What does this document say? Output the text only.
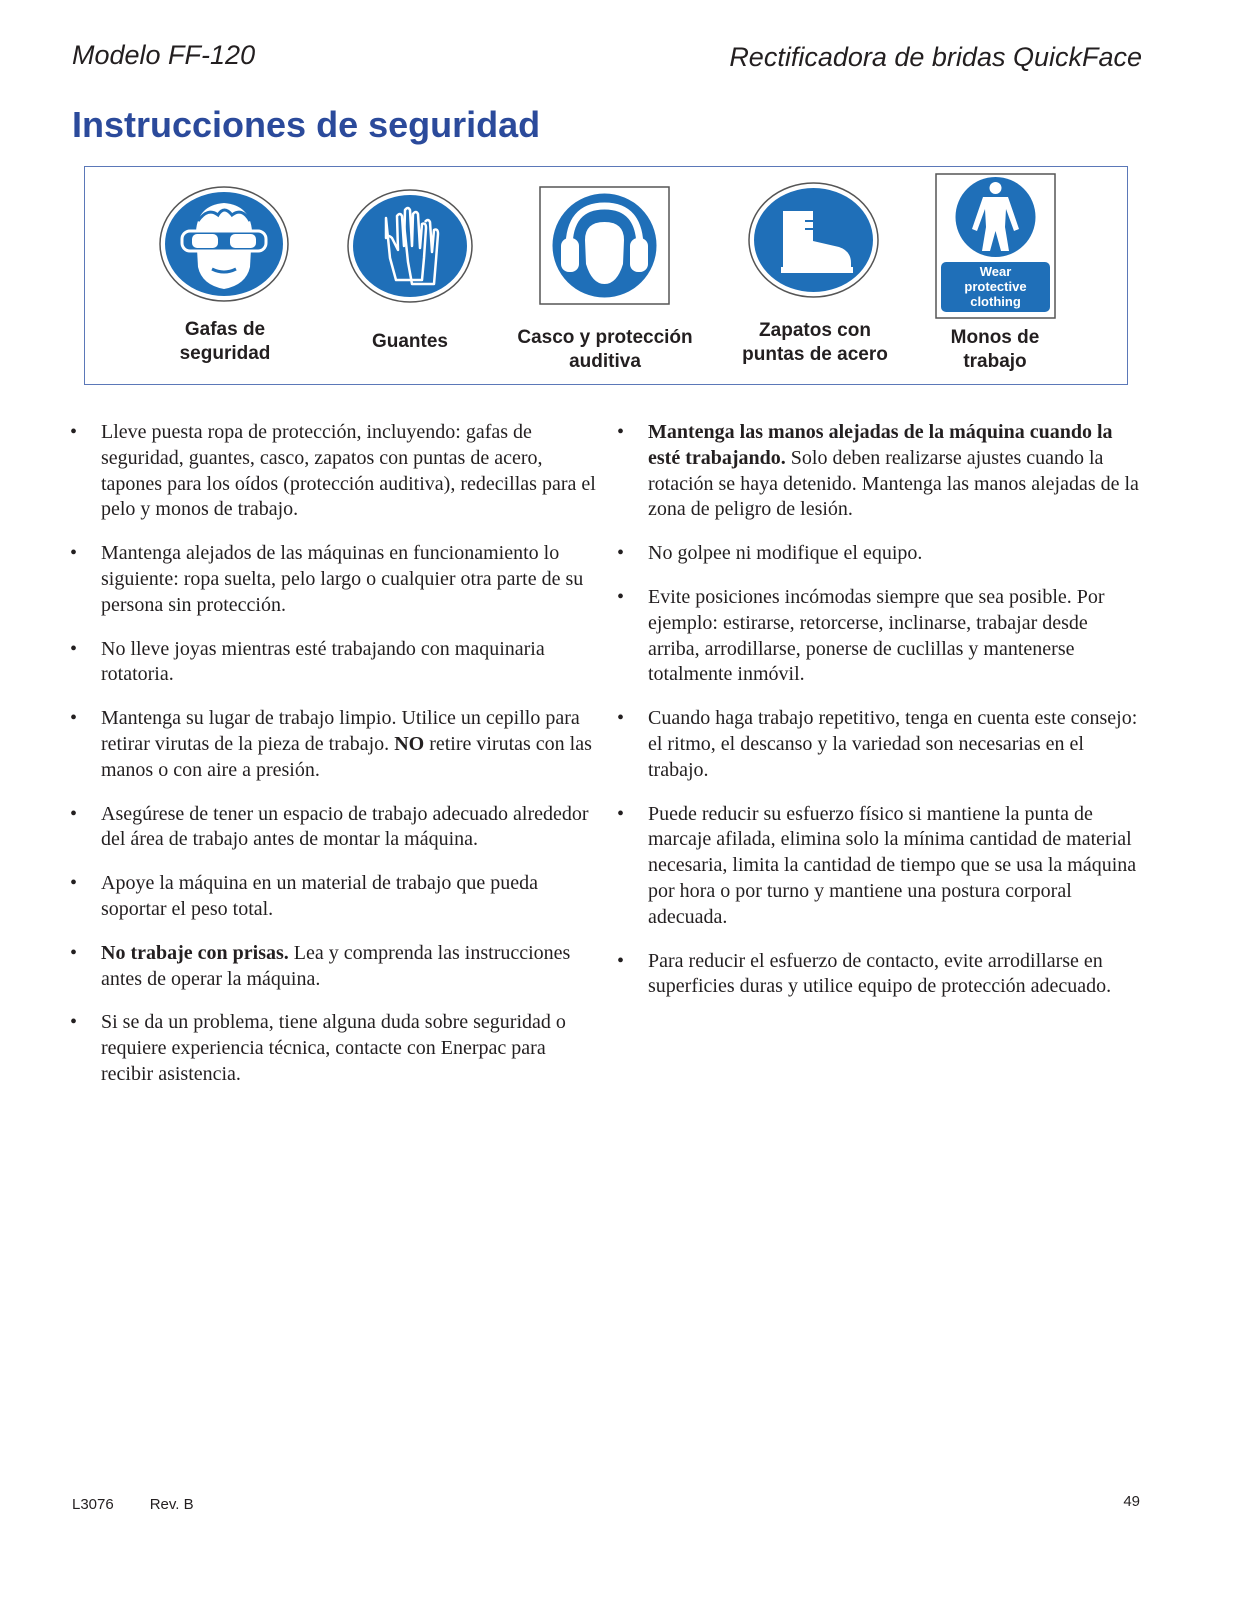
Modelo FF-120	Rectificadora de bridas QuickFace
Instrucciones de seguridad
Gafas de
seguridad
Guantes	Casco y protección
auditiva
Zapatos con
puntas de acero
Wear
protective
clothing
Monos de
trabajo
• Lleve puesta ropa de protección, incluyendo: gafas de seguridad, guantes, casco, zapatos con puntas de acero, tapones para los oídos (protección auditiva), redecillas para el pelo y monos de trabajo.
• Mantenga alejados de las máquinas en funcionamiento lo siguiente: ropa suelta, pelo largo o cualquier otra parte de su persona sin protección.
• No lleve joyas mientras esté trabajando con maquinaria rotatoria.
• Mantenga su lugar de trabajo limpio. Utilice un cepillo para retirar virutas de la pieza de trabajo. NO retire virutas con las manos o con aire a presión.
• Asegúrese de tener un espacio de trabajo adecuado alrededor del área de trabajo antes de montar la máquina.
• Apoye la máquina en un material de trabajo que pueda soportar el peso total.
• No trabaje con prisas. Lea y comprenda las instrucciones antes de operar la máquina.
• Si se da un problema, tiene alguna duda sobre seguridad o requiere experiencia técnica, contacte con Enerpac para recibir asistencia.
• Mantenga las manos alejadas de la máquina cuando la esté trabajando. Solo deben realizarse ajustes cuando la rotación se haya detenido. Mantenga las manos alejadas de la zona de peligro de lesión.
• No golpee ni modifique el equipo.
• Evite posiciones incómodas siempre que sea posible. Por ejemplo: estirarse, retorcerse, inclinarse, trabajar desde arriba, arrodillarse, ponerse de cuclillas y mantenerse totalmente inmóvil.
• Cuando haga trabajo repetitivo, tenga en cuenta este consejo: el ritmo, el descanso y la variedad son necesarias en el trabajo.
• Puede reducir su esfuerzo físico si mantiene la punta de marcaje afilada, elimina solo la mínima cantidad de material necesaria, limita la cantidad de tiempo que se usa la máquina por hora o por turno y mantiene una postura corporal adecuada.
• Para reducir el esfuerzo de contacto, evite arrodillarse en superficies duras y utilice equipo de protección adecuado.
L3076 Rev. B	49
